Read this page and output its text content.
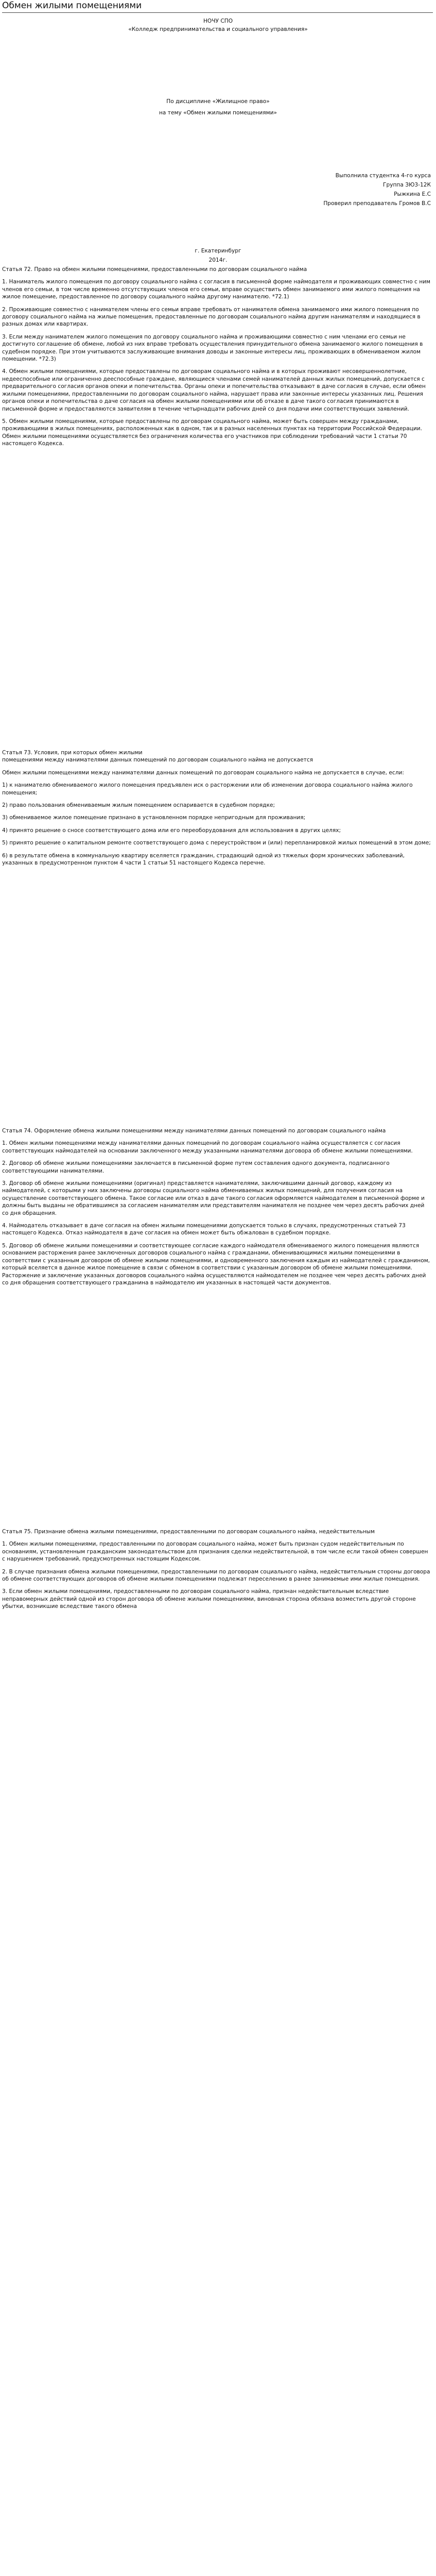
Обмен жилыми помещениями
НОЧУ СПО
«Колледж предпринимательства и социального управления»
По дисциплине «Жилищное право»
на тему «Обмен жилыми помещениями»
Выполнила студентка 4-го курса
Группа ЗЮ3-12К
Рыжкина Е.С
Проверил преподаватель Громов В.С
г. Екатеринбург
2014г.

Статья 72. Право на обмен жилыми помещениями, предоставленными по договорам социального найма

1. Наниматель жилого помещения по договору социального найма с согласия в письменной форме наймодателя и проживающих совместно с ним членов его семьи, в том числе временно отсутствующих членов его семьи, вправе осуществить обмен занимаемого ими жилого помещения на жилое помещение, предоставленное по договору социального найма другому нанимателю. *72.1)

2. Проживающие совместно с нанимателем члены его семьи вправе требовать от нанимателя обмена занимаемого ими жилого помещения по договору социального найма на жилые помещения, предоставленные по договорам социального найма другим нанимателям и находящиеся в разных домах или квартирах.

3. Если между нанимателем жилого помещения по договору социального найма и проживающими совместно с ним членами его семьи не достигнуто соглашение об обмене, любой из них вправе требовать осуществления принудительного обмена занимаемого жилого помещения в судебном порядке. При этом учитываются заслуживающие внимания доводы и законные интересы лиц, проживающих в обмениваемом жилом помещении. *72.3)

4. Обмен жилыми помещениями, которые предоставлены по договорам социального найма и в которых проживают несовершеннолетние, недееспособные или ограниченно дееспособные граждане, являющиеся членами семей нанимателей данных жилых помещений, допускается с предварительного согласия органов опеки и попечительства. Органы опеки и попечительства отказывают в даче согласия в случае, если обмен жилыми помещениями, предоставленными по договорам социального найма, нарушает права или законные интересы указанных лиц. Решения органов опеки и попечительства о даче согласия на обмен жилыми помещениями или об отказе в даче такого согласия принимаются в письменной форме и предоставляются заявителям в течение четырнадцати рабочих дней со дня подачи ими соответствующих заявлений.

5. Обмен жилыми помещениями, которые предоставлены по договорам социального найма, может быть совершен между гражданами, проживающими в жилых помещениях, расположенных как в одном, так и в разных населенных пунктах на территории Российской Федерации. Обмен жилыми помещениями осуществляется без ограничения количества его участников при соблюдении требований части 1 статьи 70 настоящего Кодекса.

Статья 73. Условия, при которых обмен жилыми

помещениями между нанимателями данных помещений по договорам социального найма не допускается

Обмен жилыми помещениями между нанимателями данных помещений по договорам социального найма не допускается в случае, если:

1) к нанимателю обмениваемого жилого помещения предъявлен иск о расторжении или об изменении договора социального найма жилого помещения;

2) право пользования обмениваемым жилым помещением оспаривается в судебном порядке;

3) обмениваемое жилое помещение признано в установленном порядке непригодным для проживания;

4) принято решение о сносе соответствующего дома или его переоборудования для использования в других целях;

5) принято решение о капитальном ремонте соответствующего дома с переустройством и (или) перепланировкой жилых помещений в этом доме;

6) в результате обмена в коммунальную квартиру вселяется гражданин, страдающий одной из тяжелых форм хронических заболеваний, указанных в предусмотренном пунктом 4 части 1 статьи 51 настоящего Кодекса перечне.

Статья 74. Оформление обмена жилыми помещениями между нанимателями данных помещений по договорам социального найма

1. Обмен жилыми помещениями между нанимателями данных помещений по договорам социального найма осуществляется с согласия соответствующих наймодателей на основании заключенного между указанными нанимателями договора об обмене жилыми помещениями.

2. Договор об обмене жилыми помещениями заключается в письменной форме путем составления одного документа, подписанного соответствующими нанимателями.

3. Договор об обмене жилыми помещениями (оригинал) представляется нанимателями, заключившими данный договор, каждому из наймодателей, с которыми у них заключены договоры социального найма обмениваемых жилых помещений, для получения согласия на осуществление соответствующего обмена. Такое согласие или отказ в даче такого согласия оформляется наймодателем в письменной форме и должны быть выданы не обратившимся за согласием нанимателям или представителям нанимателя не позднее чем через десять рабочих дней со дня обращения.

4. Наймодатель отказывает в даче согласия на обмен жилыми помещениями допускается только в случаях, предусмотренных статьей 73 настоящего Кодекса. Отказ наймодателя в даче согласия на обмен может быть обжалован в судебном порядке.

5. Договор об обмене жилыми помещениями и соответствующее согласие каждого наймодателя обмениваемого жилого помещения являются основанием расторжения ранее заключенных договоров социального найма с гражданами, обменивающимися жилыми помещениями в соответствии с указанным договором об обмене жилыми помещениями, и одновременного заключения каждым из наймодателей с гражданином, который вселяется в данное жилое помещение в связи с обменом в соответствии с указанным договором об обмене жилыми помещениями. Расторжение и заключение указанных договоров социального найма осуществляются наймодателем не позднее чем через десять рабочих дней со дня обращения соответствующего гражданина в наймодателю им указанных в настоящей части документов.

Статья 75. Признание обмена жилыми помещениями, предоставленными по договорам социального найма, недействительным

1. Обмен жилыми помещениями, предоставленными по договорам социального найма, может быть признан судом недействительным по основаниям, установленным гражданским законодательством для признания сделки недействительной, в том числе если такой обмен совершен с нарушением требований, предусмотренных настоящим Кодексом.

2. В случае признания обмена жилыми помещениями, предоставленными по договорам социального найма, недействительным стороны договора об обмене соответствующих договоров об обмене жилыми помещениями подлежат переселению в ранее занимаемые ими жилые помещения.

3. Если обмен жилыми помещениями, предоставленными по договорам социального найма, признан недействительным вследствие неправомерных действий одной из сторон договора об обмене жилыми помещениями, виновная сторона обязана возместить другой стороне убытки, возникшие вследствие такого обмена
